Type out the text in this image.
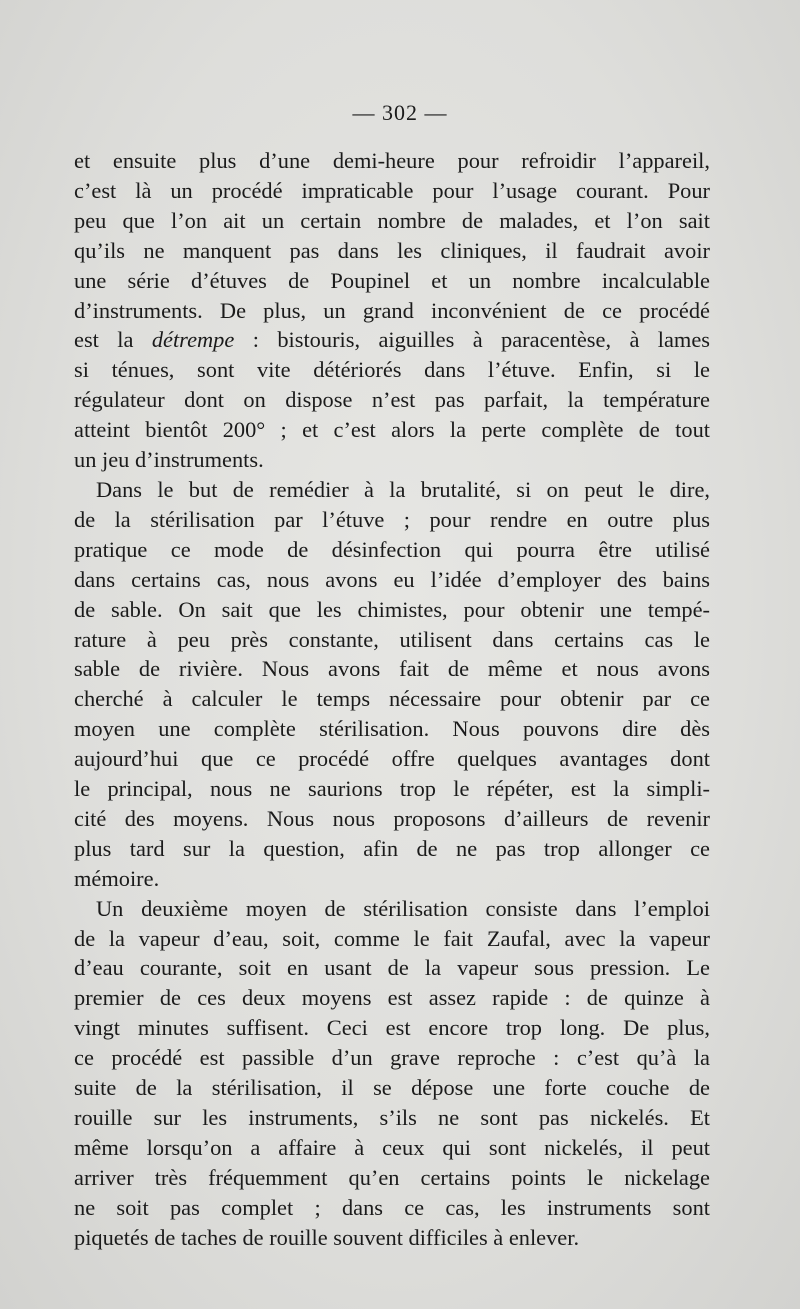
— 302 —

et ensuite plus d’une demi-heure pour refroidir l’appareil,
c’est là un procédé impraticable pour l’usage courant. Pour
peu que l’on ait un certain nombre de malades, et l’on sait
qu’ils ne manquent pas dans les cliniques, il faudrait avoir
une série d’étuves de Poupinel et un nombre incalculable
d’instruments. De plus, un grand inconvénient de ce procédé
est la détrempe : bistouris, aiguilles à paracentèse, à lames
si ténues, sont vite détériorés dans l’étuve. Enfin, si le
régulateur dont on dispose n’est pas parfait, la température
atteint bientôt 200° ; et c’est alors la perte complète de tout
un jeu d’instruments.

Dans le but de remédier à la brutalité, si on peut le dire,
de la stérilisation par l’étuve ; pour rendre en outre plus
pratique ce mode de désinfection qui pourra être utilisé
dans certains cas, nous avons eu l’idée d’employer des bains
de sable. On sait que les chimistes, pour obtenir une tempé-
rature à peu près constante, utilisent dans certains cas le
sable de rivière. Nous avons fait de même et nous avons
cherché à calculer le temps nécessaire pour obtenir par ce
moyen une complète stérilisation. Nous pouvons dire dès
aujourd’hui que ce procédé offre quelques avantages dont
le principal, nous ne saurions trop le répéter, est la simpli-
cité des moyens. Nous nous proposons d’ailleurs de revenir
plus tard sur la question, afin de ne pas trop allonger ce
mémoire.

Un deuxième moyen de stérilisation consiste dans l’emploi
de la vapeur d’eau, soit, comme le fait Zaufal, avec la vapeur
d’eau courante, soit en usant de la vapeur sous pression. Le
premier de ces deux moyens est assez rapide : de quinze à
vingt minutes suffisent. Ceci est encore trop long. De plus,
ce procédé est passible d’un grave reproche : c’est qu’à la
suite de la stérilisation, il se dépose une forte couche de
rouille sur les instruments, s’ils ne sont pas nickelés. Et
même lorsqu’on a affaire à ceux qui sont nickelés, il peut
arriver très fréquemment qu’en certains points le nickelage
ne soit pas complet ; dans ce cas, les instruments sont
piquetés de taches de rouille souvent difficiles à enlever.
